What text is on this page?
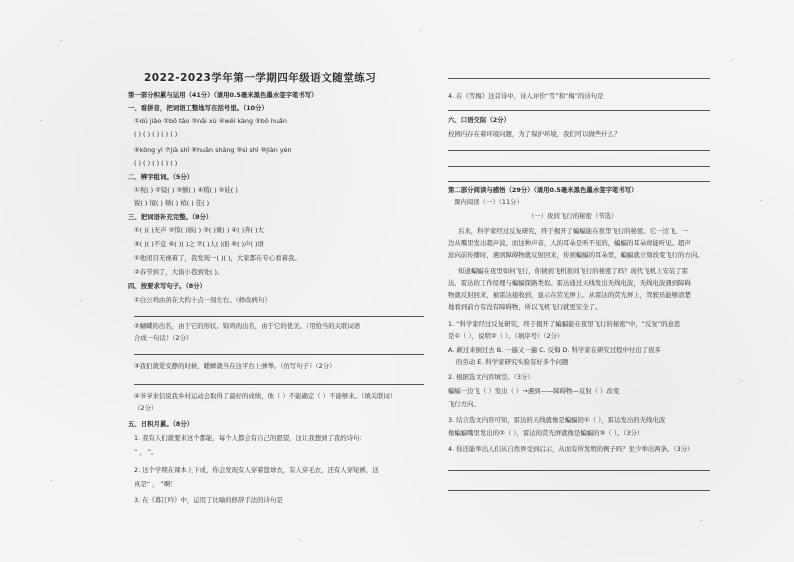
2022-2023学年第一学期四年级语文随堂练习
第一部分积累与运用（41分）（请用0.5毫米黑色墨水签字笔书写）
一、看拼音，把词语工整地写在括号里。（10分）
①dú jiǎo ②bō tāo ③nǎi xù ④wěi kàng ⑤bō huǎn
( ) ( ) ( ) ( ) ( )
⑥kòng yì ⑦jià shǐ ⑧huān shǎng ⑨sì shì ⑩jiàn yèn
( ) ( ) ( ) ( ) ( )
二、辨字组词。（5分）
①祝( ) ②镜( ) ③额( ) ④稍( ) ⑤娃( )
锐( ) 境( ) 颊( ) 梢( ) 佳( )
三、把词语补充完整。（8分）
①( )( )无声 ②惊( )骇( ) ③( )重( ) ④( )奔( )大
⑤( )( )不息 ⑥( )( )之 ⑦( )人( )面 ⑧( )声( )语
①他闭目无视着了，我发现一( )( )，大家都在专心看着我。
②春节到了，大街小巷到处( )。
四、按要求写句子。（8分）
①白公鸡由黄在大约十点一刻左右。（修改病句）
②蝴蝶的出名，由于它的形状。锦鸡的出名，由于它的优美。（用恰当的关联词语
合成一句话）（2分）
③我们就爱安静的时候，蟋蟀就当在这平台上弹琴。（仿写句子）（2分）
④爷爷来信说我乡村运动会取得了最好的成绩，他（ ）不能确定（ ）不能够来。（填关联词）
（2分）
五、日积月累。（8分）
1. 我有人们就要来这个都能，每个人都会有自己的愿望，这让我想到了我的诗句：
“ ， ”。
2. 这个学期在课本上下成，你会发现有人穿着篮球衣，有人穿毛衣，还有人穿短裤，这
真是“ ， ”啊！
3. 在《暮江吟》中，运用了比喻的修辞手法的诗句是
4. 在《雪梅》这首诗中，诗人评价“雪”和“梅”的诗句是
六、口语交际（2分）
校园内存在着环境问题，为了保护环境，我们可以做些什么？
第二部分阅读与感悟（29分）（请用0.5毫米黑色墨水签字笔书写）
课内阅读（一）（11分）
（一）夜间飞行的秘密（节选）
后来，科学家经过反复研究，终于揭开了蝙蝠能在夜里飞行的秘密。它一边飞，一
边从嘴里发出超声波。而这种声音，人的耳朵是听不见的，蝙蝠的耳朵却能听见。超声
波向前传播时，遇到障碍物就反射回来，传到蝙蝠的耳朵里，蝙蝠就立刻改变飞行的方向。
知道蝙蝠在夜里如何飞行，你猜到飞机夜间飞行的秘密了吗？现代飞机上安装了雷
达，雷达的工作原理与蝙蝠探路类似。雷达通过天线发出无线电波，无线电波遇到障碍
物就反射回来，被雷达接收到，显示在荧光屏上。从雷达的荧光屏上，驾驶员能够清楚
地看到前方有没有障碍物，所以飞机飞行就更安全了。
1. “科学家经过反复研究，终于揭开了蝙蝠能在夜里飞行的秘密”中，“反复”的意思
是①（ ），说明②（ ）。（填序号）（2分）
A. 颠过来倒过去 B. 一遍又一遍 C. 反悔 D. 科学家在研究过程中付出了很多
的劳动 E. 科学家研究实验有好多个问题
2. 根据选文内容填空。（3分）
蝙蝠一边飞（ ）发出（ ）→遇到——障碍物—反射（ ）改变
飞行方向。
3. 结合选文内容可知，雷达的天线就像是蝙蝠的①（ ），雷达发出的无线电波
像蝙蝠嘴里发出的②（ ），雷达的荧光屏就像是蝙蝠的③（ ）。（3分）
4. 你还能举出人们从自然界受到启示，从而有所发明的例子吗？至少举出两条。（3分）
